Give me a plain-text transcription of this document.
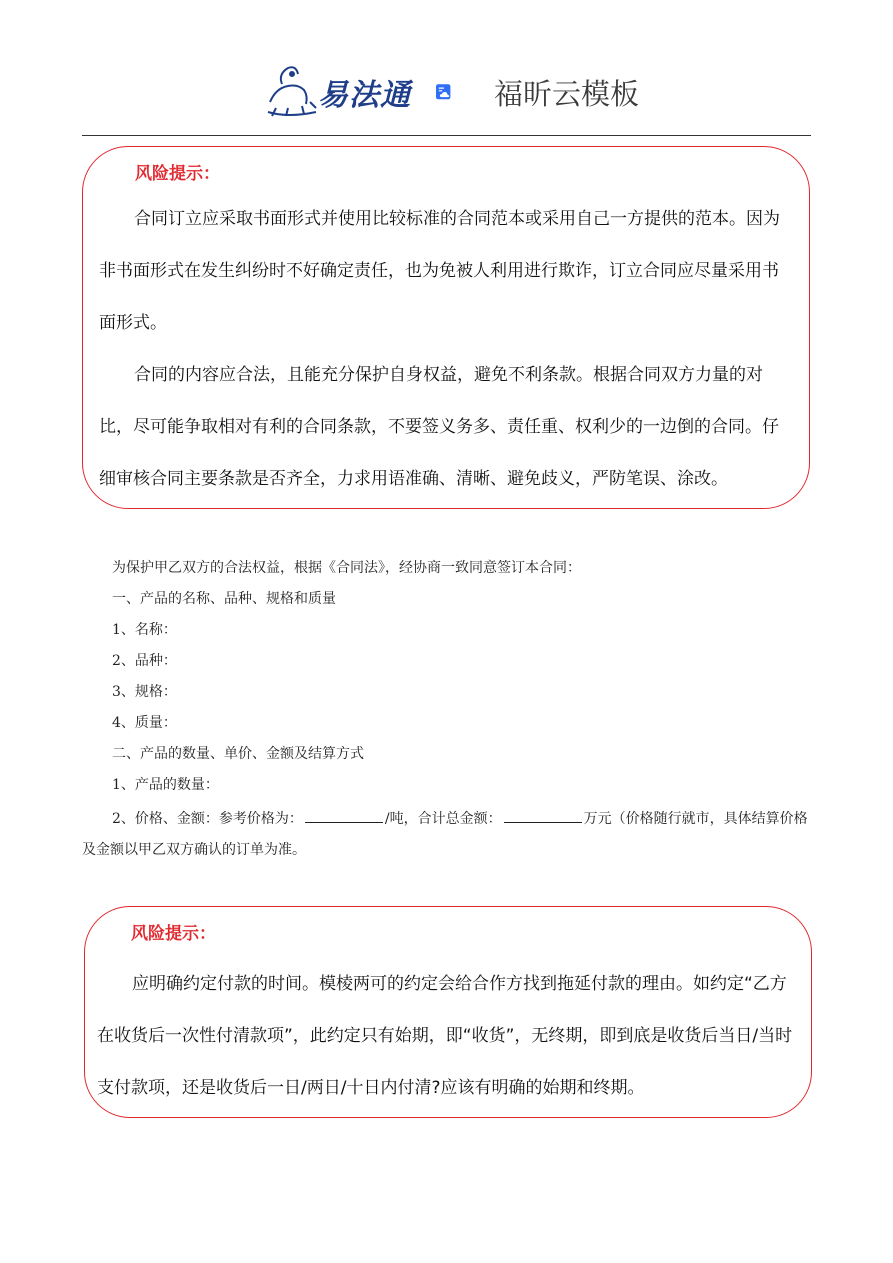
易法通	福昕云模板
风险提示：

合同订立应采取书面形式并使用比较标准的合同范本或采用自己一方提供的范本。因为非书面形式在发生纠纷时不好确定责任，也为免被人利用进行欺诈，订立合同应尽量采用书面形式。

合同的内容应合法，且能充分保护自身权益，避免不利条款。根据合同双方力量的对比，尽可能争取相对有利的合同条款，不要签义务多、责任重、权利少的一边倒的合同。仔细审核合同主要条款是否齐全，力求用语准确、清晰、避免歧义，严防笔误、涂改。

为保护甲乙双方的合法权益，根据《合同法》，经协商一致同意签订本合同：
一、产品的名称、品种、规格和质量
1、名称：
2、品种：
3、规格：
4、质量：
二、产品的数量、单价、金额及结算方式
1、产品的数量：
2、价格、金额：参考价格为：	/吨，合计总金额：	万元（价格随行就市，具体结算价格及金额以甲乙双方确认的订单为准。
风险提示：

应明确约定付款的时间。模棱两可的约定会给合作方找到拖延付款的理由。如约定“乙方在收货后一次性付清款项”，此约定只有始期，即“收货”，无终期，即到底是收货后当日/当时支付款项，还是收货后一日/两日/十日内付清?应该有明确的始期和终期。
